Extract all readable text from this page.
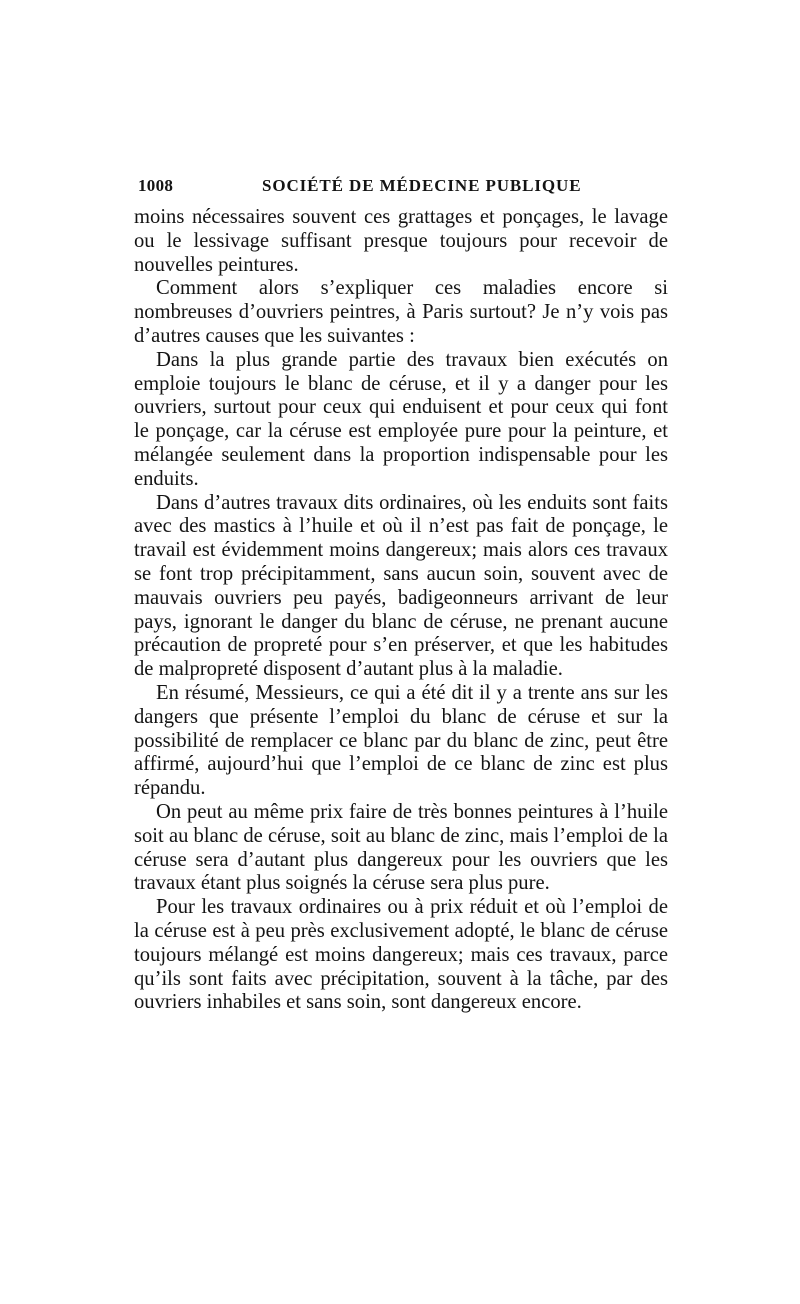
1008	SOCIÉTÉ DE MÉDECINE PUBLIQUE

moins nécessaires souvent ces grattages et ponçages, le lavage ou le lessivage suffisant presque toujours pour recevoir de nouvelles peintures.

Comment alors s’expliquer ces maladies encore si nombreuses d’ouvriers peintres, à Paris surtout? Je n’y vois pas d’autres causes que les suivantes :

Dans la plus grande partie des travaux bien exécutés on emploie toujours le blanc de céruse, et il y a danger pour les ouvriers, surtout pour ceux qui enduisent et pour ceux qui font le ponçage, car la céruse est employée pure pour la peinture, et mélangée seulement dans la proportion indispensable pour les enduits.

Dans d’autres travaux dits ordinaires, où les enduits sont faits avec des mastics à l’huile et où il n’est pas fait de ponçage, le travail est évidemment moins dangereux; mais alors ces travaux se font trop précipitamment, sans aucun soin, souvent avec de mauvais ouvriers peu payés, badigeonneurs arrivant de leur pays, ignorant le danger du blanc de céruse, ne prenant aucune précaution de propreté pour s’en préserver, et que les habitudes de malpropreté disposent d’autant plus à la maladie.

En résumé, Messieurs, ce qui a été dit il y a trente ans sur les dangers que présente l’emploi du blanc de céruse et sur la possibilité de remplacer ce blanc par du blanc de zinc, peut être affirmé, aujourd’hui que l’emploi de ce blanc de zinc est plus répandu.

On peut au même prix faire de très bonnes peintures à l’huile soit au blanc de céruse, soit au blanc de zinc, mais l’emploi de la céruse sera d’autant plus dangereux pour les ouvriers que les travaux étant plus soignés la céruse sera plus pure.

Pour les travaux ordinaires ou à prix réduit et où l’emploi de la céruse est à peu près exclusivement adopté, le blanc de céruse toujours mélangé est moins dangereux; mais ces travaux, parce qu’ils sont faits avec précipitation, souvent à la tâche, par des ouvriers inhabiles et sans soin, sont dangereux encore.
